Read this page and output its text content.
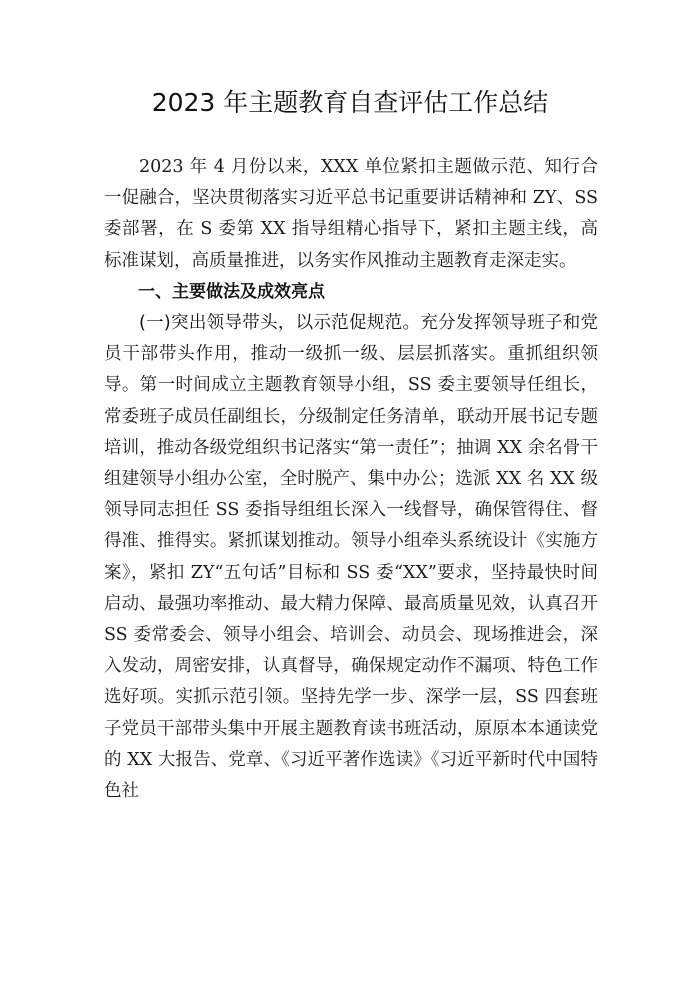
2023 年主题教育自查评估工作总结

2023 年 4 月份以来，XXX 单位紧扣主题做示范、知行合一促融合，坚决贯彻落实习近平总书记重要讲话精神和 ZY、SS 委部署，在 S 委第 XX 指导组精心指导下，紧扣主题主线，高标准谋划，高质量推进，以务实作风推动主题教育走深走实。

一、主要做法及成效亮点

(一)突出领导带头，以示范促规范。充分发挥领导班子和党员干部带头作用，推动一级抓一级、层层抓落实。重抓组织领导。第一时间成立主题教育领导小组，SS 委主要领导任组长，常委班子成员任副组长，分级制定任务清单，联动开展书记专题培训，推动各级党组织书记落实“第一责任”；抽调 XX 余名骨干组建领导小组办公室，全时脱产、集中办公；选派 XX 名 XX 级领导同志担任 SS 委指导组组长深入一线督导，确保管得住、督得准、推得实。紧抓谋划推动。领导小组牵头系统设计《实施方案》，紧扣 ZY“五句话”目标和 SS 委“XX”要求，坚持最快时间启动、最强功率推动、最大精力保障、最高质量见效，认真召开 SS 委常委会、领导小组会、培训会、动员会、现场推进会，深入发动，周密安排，认真督导，确保规定动作不漏项、特色工作选好项。实抓示范引领。坚持先学一步、深学一层，SS 四套班子党员干部带头集中开展主题教育读书班活动，原原本本通读党的 XX 大报告、党章、《习近平著作选读》《习近平新时代中国特色社
